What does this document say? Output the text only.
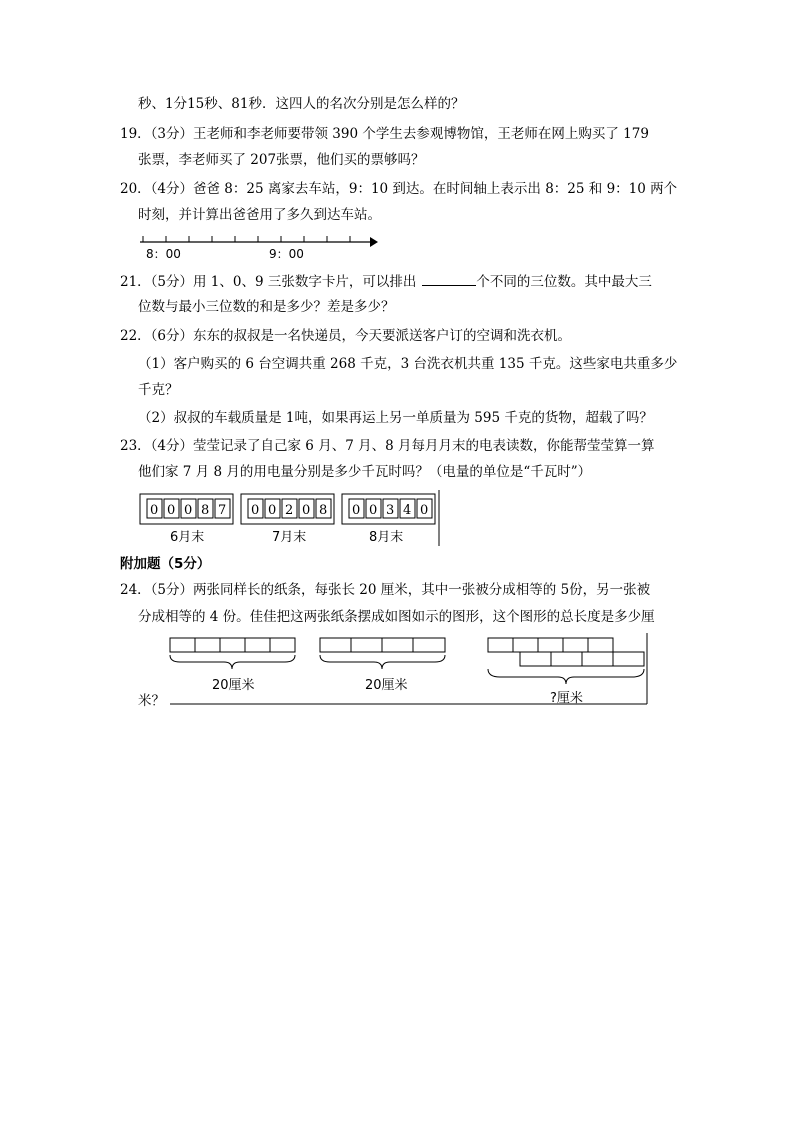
秒、1分15秒、81秒．这四人的名次分别是怎么样的？
19．（3分）王老师和李老师要带领 390 个学生去参观博物馆，王老师在网上购买了 179
张票，李老师买了 207张票，他们买的票够吗？
20．（4分）爸爸 8：25 离家去车站，9：10 到达。在时间轴上表示出 8：25 和 9：10 两个
时刻，并计算出爸爸用了多久到达车站。
8：00	9：00
21．（5分）用 1、0、9 三张数字卡片，可以排出	个不同的三位数。其中最大三
位数与最小三位数的和是多少？差是多少？
22．（6分）东东的叔叔是一名快递员，今天要派送客户订的空调和洗衣机。
（1）客户购买的 6 台空调共重 268 千克，3 台洗衣机共重 135 千克。这些家电共重多少
千克？
（2）叔叔的车载质量是 1吨，如果再运上另一单质量为 595 千克的货物，超载了吗？
23．（4分）莹莹记录了自己家 6 月、7 月、8 月每月月末的电表读数，你能帮莹莹算一算
他们家 7 月 8 月的用电量分别是多少千瓦时吗？（电量的单位是“千瓦时”）
0 0 0 8 7
6月末
0 0 2 0 8
7月末
0 0 3 4 0
8月末
附加题（5分）
24．（5分）两张同样长的纸条，每张长 20 厘米，其中一张被分成相等的 5份，另一张被
分成相等的 4 份。佳佳把这两张纸条摆成如图如示的图形，这个图形的总长度是多少厘
米？
20厘米	20厘米
?厘米
